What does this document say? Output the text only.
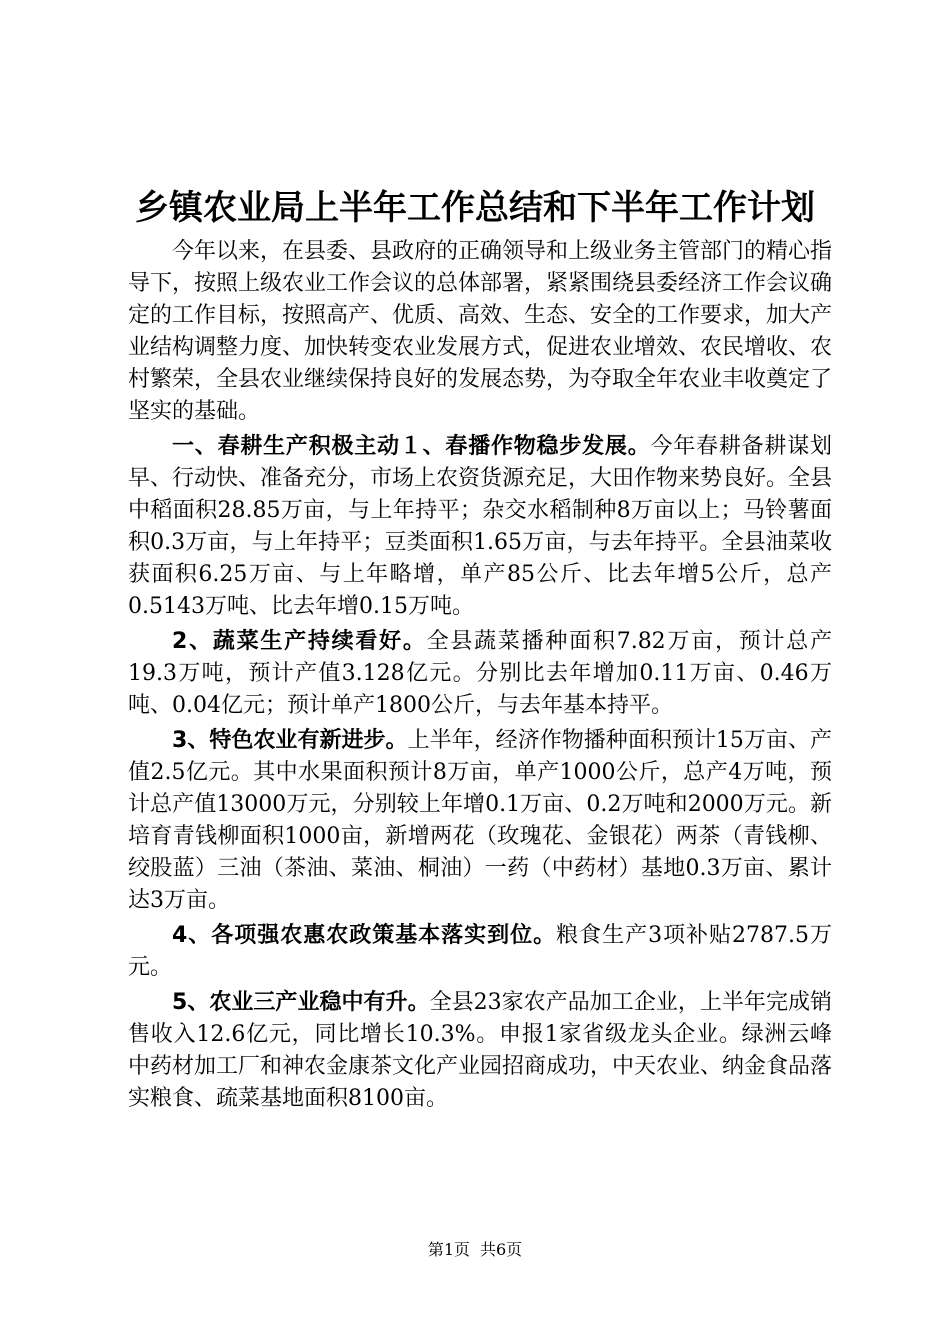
乡镇农业局上半年工作总结和下半年工作计划

今年以来，在县委、县政府的正确领导和上级业务主管部门的精心指导下，按照上级农业工作会议的总体部署，紧紧围绕县委经济工作会议确定的工作目标，按照高产、优质、高效、生态、安全的工作要求，加大产业结构调整力度、加快转变农业发展方式，促进农业增效、农民增收、农村繁荣，全县农业继续保持良好的发展态势，为夺取全年农业丰收奠定了坚实的基础。

一、春耕生产积极主动１、春播作物稳步发展。今年春耕备耕谋划早、行动快、准备充分，市场上农资货源充足，大田作物来势良好。全县中稻面积28.85万亩，与上年持平；杂交水稻制种8万亩以上；马铃薯面积0.3万亩，与上年持平；豆类面积1.65万亩，与去年持平。全县油菜收获面积6.25万亩、与上年略增，单产85公斤、比去年增5公斤，总产0.5143万吨、比去年增0.15万吨。

2、蔬菜生产持续看好。全县蔬菜播种面积7.82万亩，预计总产19.3万吨，预计产值3.128亿元。分别比去年增加0.11万亩、0.46万吨、0.04亿元；预计单产1800公斤，与去年基本持平。

3、特色农业有新进步。上半年，经济作物播种面积预计15万亩、产值2.5亿元。其中水果面积预计8万亩，单产1000公斤，总产4万吨，预计总产值13000万元，分别较上年增0.1万亩、0.2万吨和2000万元。新培育青钱柳面积1000亩，新增两花（玫瑰花、金银花）两茶（青钱柳、绞股蓝）三油（茶油、菜油、桐油）一药（中药材）基地0.3万亩、累计达3万亩。

4、各项强农惠农政策基本落实到位。粮食生产3项补贴2787.5万元。

5、农业三产业稳中有升。全县23家农产品加工企业，上半年完成销售收入12.6亿元，同比增长10.3%。申报1家省级龙头企业。绿洲云峰中药材加工厂和神农金康茶文化产业园招商成功，中天农业、纳金食品落实粮食、疏菜基地面积8100亩。

第1页 共6页
